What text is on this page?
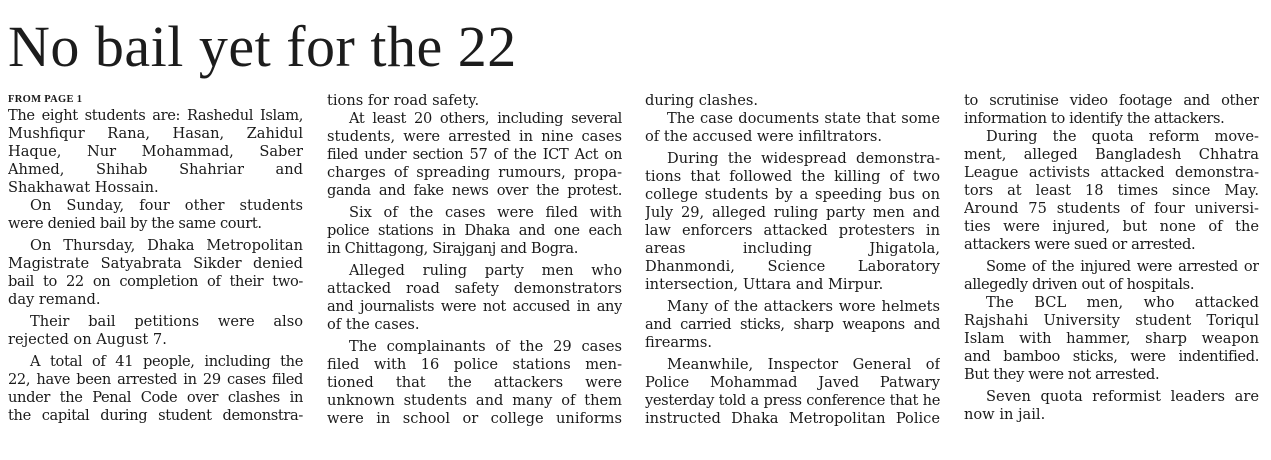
No bail yet for the 22
FROM PAGE 1
The eight students are: Rashedul Islam,
Mushfiqur Rana, Hasan, Zahidul
Haque, Nur Mohammad, Saber
Ahmed, Shihab Shahriar and
Shakhawat Hossain.
On Sunday, four other students
were denied bail by the same court.
On Thursday, Dhaka Metropolitan
Magistrate Satyabrata Sikder denied
bail to 22 on completion of their two-
day remand.
Their bail petitions were also
rejected on August 7.
A total of 41 people, including the
22, have been arrested in 29 cases filed
under the Penal Code over clashes in
the capital during student demonstra-
tions for road safety.
At least 20 others, including several
students, were arrested in nine cases
filed under section 57 of the ICT Act on
charges of spreading rumours, propa-
ganda and fake news over the protest.
Six of the cases were filed with
police stations in Dhaka and one each
in Chittagong, Sirajganj and Bogra.
Alleged ruling party men who
attacked road safety demonstrators
and journalists were not accused in any
of the cases.
The complainants of the 29 cases
filed with 16 police stations men-
tioned that the attackers were
unknown students and many of them
were in school or college uniforms
during clashes.
The case documents state that some
of the accused were infiltrators.
During the widespread demonstra-
tions that followed the killing of two
college students by a speeding bus on
July 29, alleged ruling party men and
law enforcers attacked protesters in
areas including Jhigatola,
Dhanmondi, Science Laboratory
intersection, Uttara and Mirpur.
Many of the attackers wore helmets
and carried sticks, sharp weapons and
firearms.
Meanwhile, Inspector General of
Police Mohammad Javed Patwary
yesterday told a press conference that he
instructed Dhaka Metropolitan Police
to scrutinise video footage and other
information to identify the attackers.
During the quota reform move-
ment, alleged Bangladesh Chhatra
League activists attacked demonstra-
tors at least 18 times since May.
Around 75 students of four universi-
ties were injured, but none of the
attackers were sued or arrested.
Some of the injured were arrested or
allegedly driven out of hospitals.
The BCL men, who attacked
Rajshahi University student Toriqul
Islam with hammer, sharp weapon
and bamboo sticks, were indentified.
But they were not arrested.
Seven quota reformist leaders are
now in jail.
